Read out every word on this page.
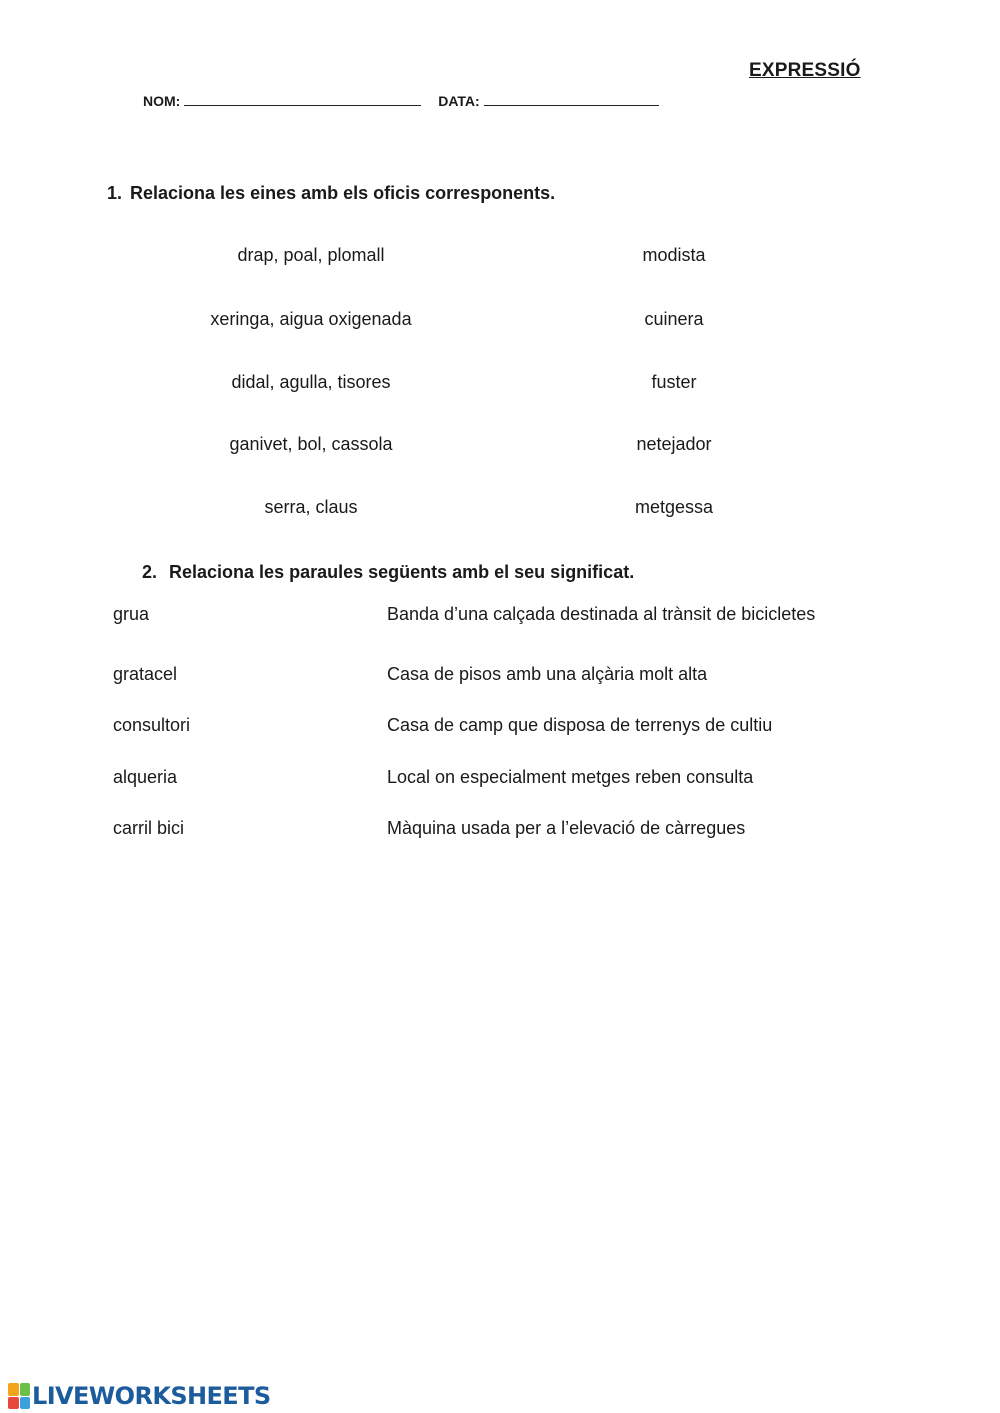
EXPRESSIÓ
NOM:	DATA:
1. Relaciona les eines amb els oficis corresponents.
drap, poal, plomall
xeringa, aigua oxigenada
didal, agulla, tisores
ganivet, bol, cassola
serra, claus
modista
cuinera
fuster
netejador
metgessa
2. Relaciona les paraules següents amb el seu significat.
grua
gratacel
consultori
alqueria
carril bici
Banda d’una calçada destinada al trànsit de bicicletes
Casa de pisos amb una alçària molt alta
Casa de camp que disposa de terrenys de cultiu
Local on especialment metges reben consulta
Màquina usada per a l’elevació de càrregues
LIVEWORKSHEETS
